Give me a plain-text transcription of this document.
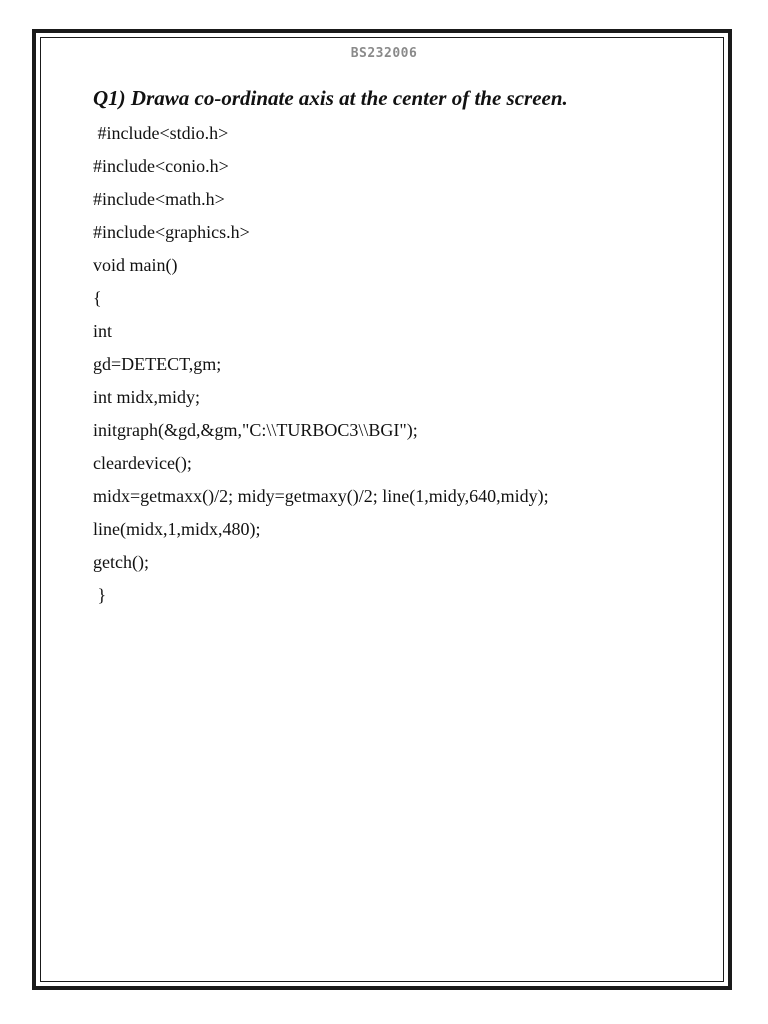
BS232006
Q1) Drawa co-ordinate axis at the center of the screen.
#include<stdio.h>
#include<conio.h>
#include<math.h>
#include<graphics.h>
void main()
{
int
gd=DETECT,gm;
int midx,midy;
initgraph(&gd,&gm,"C:\\TURBOC3\\BGI");
cleardevice();
midx=getmaxx()/2; midy=getmaxy()/2; line(1,midy,640,midy);
line(midx,1,midx,480);
getch();
}
